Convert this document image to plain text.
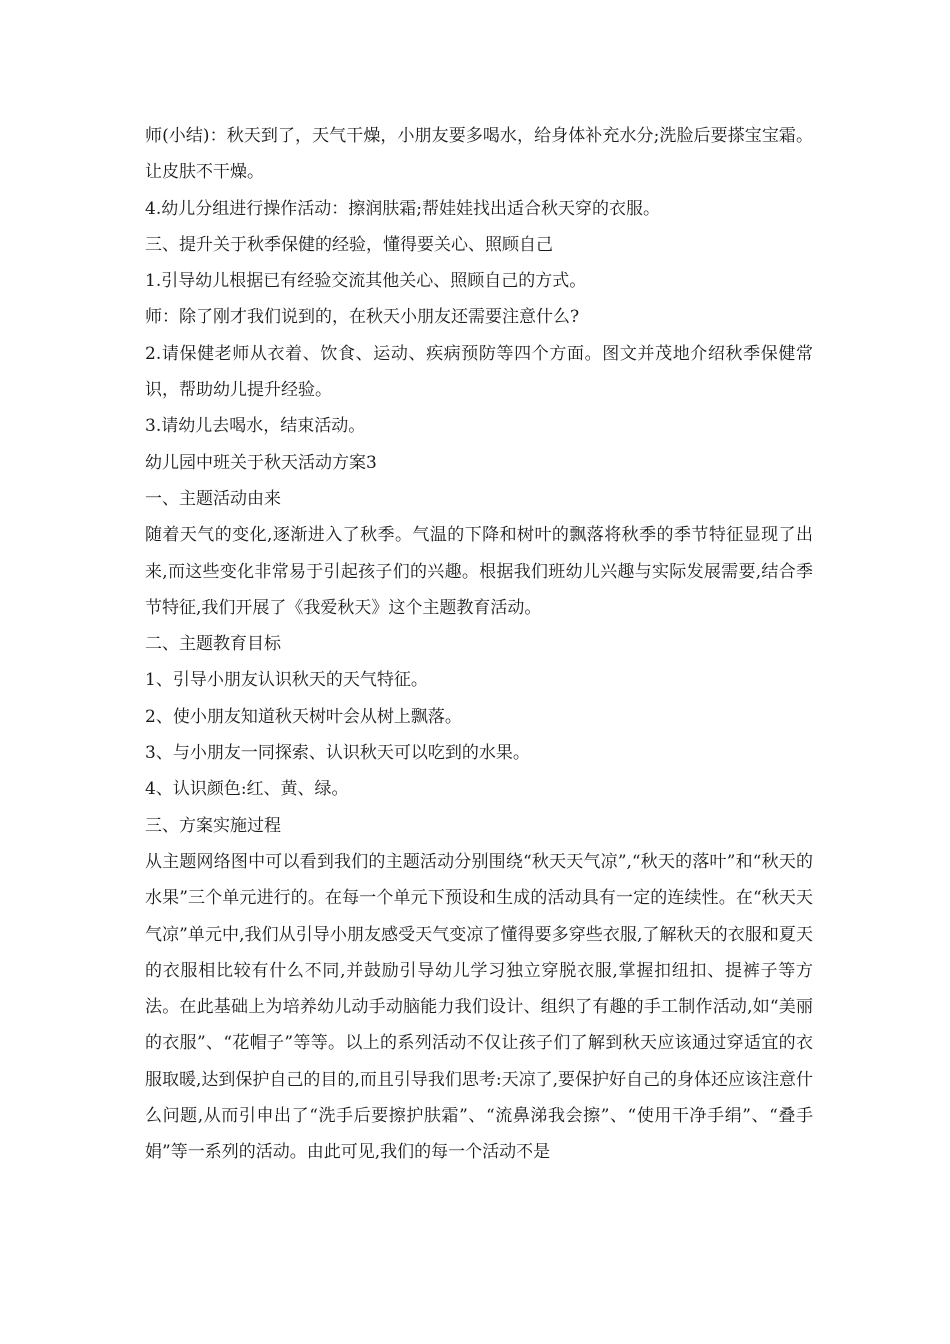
师(小结)：秋天到了，天气干燥，小朋友要多喝水，给身体补充水分;洗脸后要搽宝宝霜。让皮肤不干燥。

4.幼儿分组进行操作活动：擦润肤霜;帮娃娃找出适合秋天穿的衣服。

三、提升关于秋季保健的经验，懂得要关心、照顾自己

1.引导幼儿根据已有经验交流其他关心、照顾自己的方式。

师：除了刚才我们说到的，在秋天小朋友还需要注意什么?

2.请保健老师从衣着、饮食、运动、疾病预防等四个方面。图文并茂地介绍秋季保健常识，帮助幼儿提升经验。

3.请幼儿去喝水，结束活动。

幼儿园中班关于秋天活动方案3

一、主题活动由来

随着天气的变化,逐渐进入了秋季。气温的下降和树叶的飘落将秋季的季节特征显现了出来,而这些变化非常易于引起孩子们的兴趣。根据我们班幼儿兴趣与实际发展需要,结合季节特征,我们开展了《我爱秋天》这个主题教育活动。

二、主题教育目标

1、引导小朋友认识秋天的天气特征。

2、使小朋友知道秋天树叶会从树上飘落。

3、与小朋友一同探索、认识秋天可以吃到的水果。

4、认识颜色:红、黄、绿。

三、方案实施过程

从主题网络图中可以看到我们的主题活动分别围绕“秋天天气凉”,“秋天的落叶”和“秋天的水果”三个单元进行的。在每一个单元下预设和生成的活动具有一定的连续性。在“秋天天气凉”单元中,我们从引导小朋友感受天气变凉了懂得要多穿些衣服,了解秋天的衣服和夏天的衣服相比较有什么不同,并鼓励引导幼儿学习独立穿脱衣服,掌握扣纽扣、提裤子等方法。在此基础上为培养幼儿动手动脑能力我们设计、组织了有趣的手工制作活动,如“美丽的衣服”、“花帽子”等等。以上的系列活动不仅让孩子们了解到秋天应该通过穿适宜的衣服取暖,达到保护自己的目的,而且引导我们思考:天凉了,要保护好自己的身体还应该注意什么问题,从而引申出了“洗手后要擦护肤霜”、“流鼻涕我会擦”、“使用干净手绢”、“叠手娟”等一系列的活动。由此可见,我们的每一个活动不是
